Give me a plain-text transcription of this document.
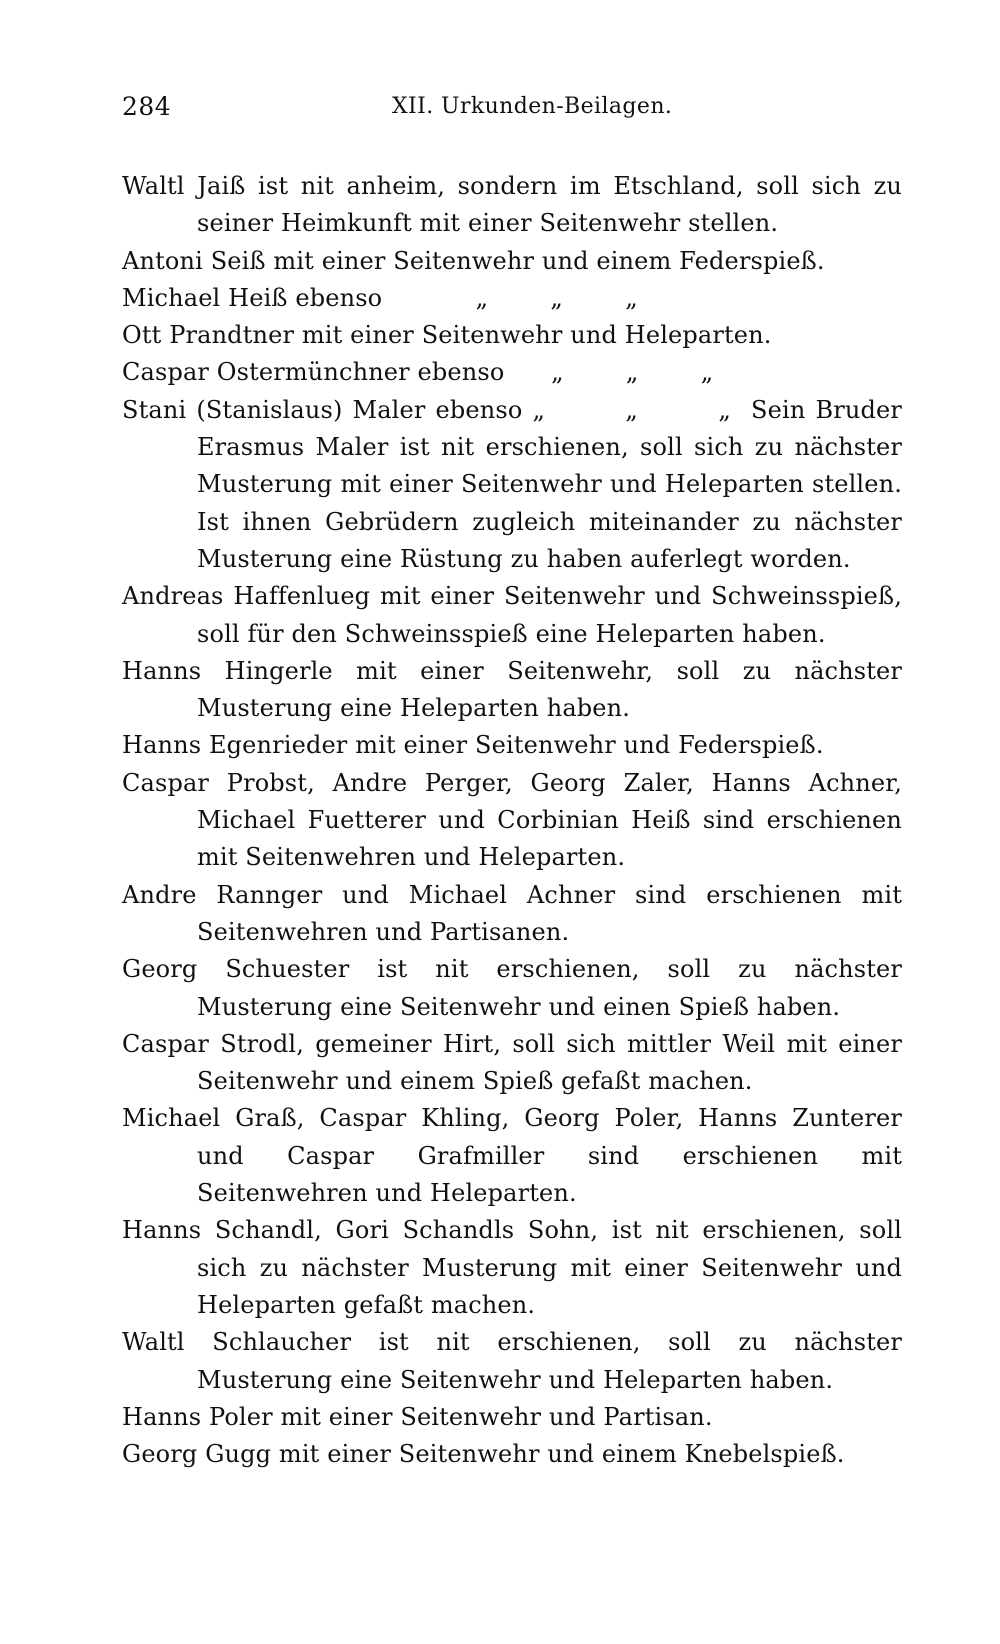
284	XII. Urkunden-Beilagen.

Waltl Jaiß ist nit anheim, sondern im Etschland, soll sich zu seiner Heimkunft mit einer Seitenwehr stellen.

Antoni Seiß mit einer Seitenwehr und einem Federspieß.

Michael Heiß ebenso            „        „        „

Ott Prandtner mit einer Seitenwehr und Heleparten.

Caspar Ostermünchner ebenso      „        „        „

Stani (Stanislaus) Maler ebenso „        „        „  Sein Bruder Erasmus Maler ist nit erschienen, soll sich zu nächster Musterung mit einer Seitenwehr und Heleparten stellen. Ist ihnen Gebrüdern zugleich miteinander zu nächster Musterung eine Rüstung zu haben auferlegt worden.

Andreas Haffenlueg mit einer Seitenwehr und Schweinsspieß, soll für den Schweinsspieß eine Heleparten haben.

Hanns Hingerle mit einer Seitenwehr, soll zu nächster Musterung eine Heleparten haben.

Hanns Egenrieder mit einer Seitenwehr und Federspieß.

Caspar Probst, Andre Perger, Georg Zaler, Hanns Achner, Michael Fuetterer und Corbinian Heiß sind erschienen mit Seitenwehren und Heleparten.

Andre Rannger und Michael Achner sind erschienen mit Seitenwehren und Partisanen.

Georg Schuester ist nit erschienen, soll zu nächster Musterung eine Seitenwehr und einen Spieß haben.

Caspar Strodl, gemeiner Hirt, soll sich mittler Weil mit einer Seitenwehr und einem Spieß gefaßt machen.

Michael Graß, Caspar Khling, Georg Poler, Hanns Zunterer und Caspar Grafmiller sind erschienen mit Seitenwehren und Heleparten.

Hanns Schandl, Gori Schandls Sohn, ist nit erschienen, soll sich zu nächster Musterung mit einer Seitenwehr und Heleparten gefaßt machen.

Waltl Schlaucher ist nit erschienen, soll zu nächster Musterung eine Seitenwehr und Heleparten haben.

Hanns Poler mit einer Seitenwehr und Partisan.

Georg Gugg mit einer Seitenwehr und einem Knebelspieß.
